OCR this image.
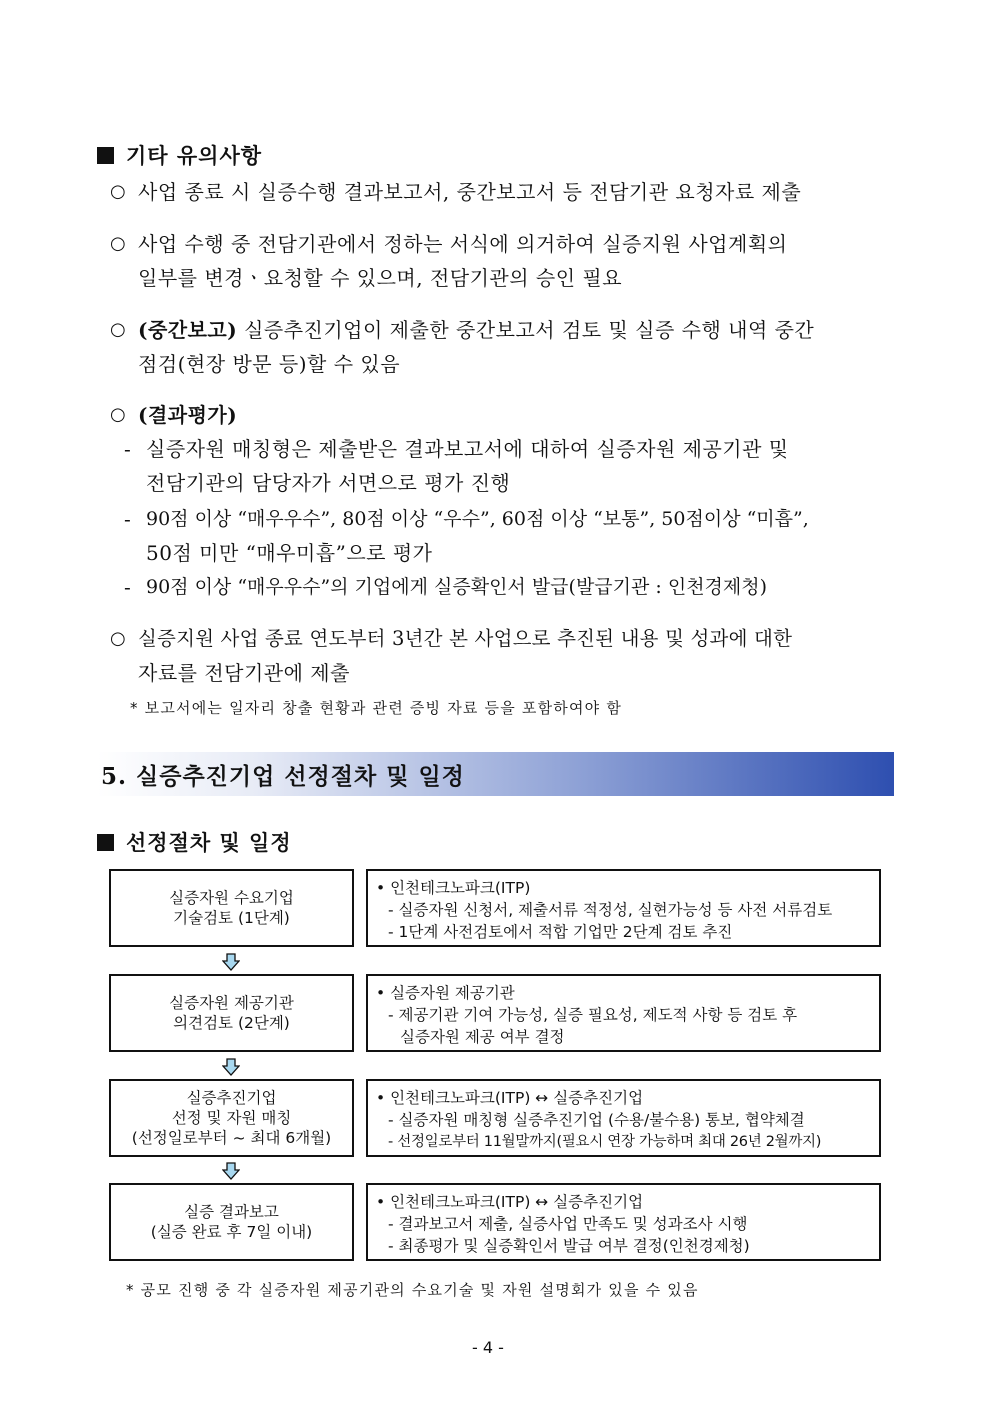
기타 유의사항
○ 사업 종료 시 실증수행 결과보고서, 중간보고서 등 전담기관 요청자료 제출
○ 사업 수행 중 전담기관에서 정하는 서식에 의거하여 실증지원 사업계획의
일부를 변경ㆍ요청할 수 있으며, 전담기관의 승인 필요
○ (중간보고) 실증추진기업이 제출한 중간보고서 검토 및 실증 수행 내역 중간
점검(현장 방문 등)할 수 있음
○ (결과평가)
- 실증자원 매칭형은 제출받은 결과보고서에 대하여 실증자원 제공기관 및
전담기관의 담당자가 서면으로 평가 진행
- 90점 이상 “매우우수”, 80점 이상 “우수”, 60점 이상 “보통”, 50점이상 “미흡”,
50점 미만 “매우미흡”으로 평가
- 90점 이상 “매우우수”의 기업에게 실증확인서 발급(발급기관 : 인천경제청)
○ 실증지원 사업 종료 연도부터 3년간 본 사업으로 추진된 내용 및 성과에 대한
자료를 전담기관에 제출
* 보고서에는 일자리 창출 현황과 관련 증빙 자료 등을 포함하여야 함
5. 실증추진기업 선정절차 및 일정
선정절차 및 일정
실증자원 수요기업
기술검토 (1단계)
• 인천테크노파크(ITP)
- 실증자원 신청서, 제출서류 적정성, 실현가능성 등 사전 서류검토
- 1단계 사전검토에서 적합 기업만 2단계 검토 추진
실증자원 제공기관
의견검토 (2단계)
• 실증자원 제공기관
- 제공기관 기여 가능성, 실증 필요성, 제도적 사항 등 검토 후
실증자원 제공 여부 결정
실증추진기업
선정 및 자원 매칭
(선정일로부터 ~ 최대 6개월)
• 인천테크노파크(ITP) ↔ 실증추진기업
- 실증자원 매칭형 실증추진기업 (수용/불수용) 통보, 협약체결
- 선정일로부터 11월말까지(필요시 연장 가능하며 최대 26년 2월까지)
실증 결과보고
(실증 완료 후 7일 이내)
• 인천테크노파크(ITP) ↔ 실증추진기업
- 결과보고서 제출, 실증사업 만족도 및 성과조사 시행
- 최종평가 및 실증확인서 발급 여부 결정(인천경제청)
* 공모 진행 중 각 실증자원 제공기관의 수요기술 및 자원 설명회가 있을 수 있음
- 4 -
